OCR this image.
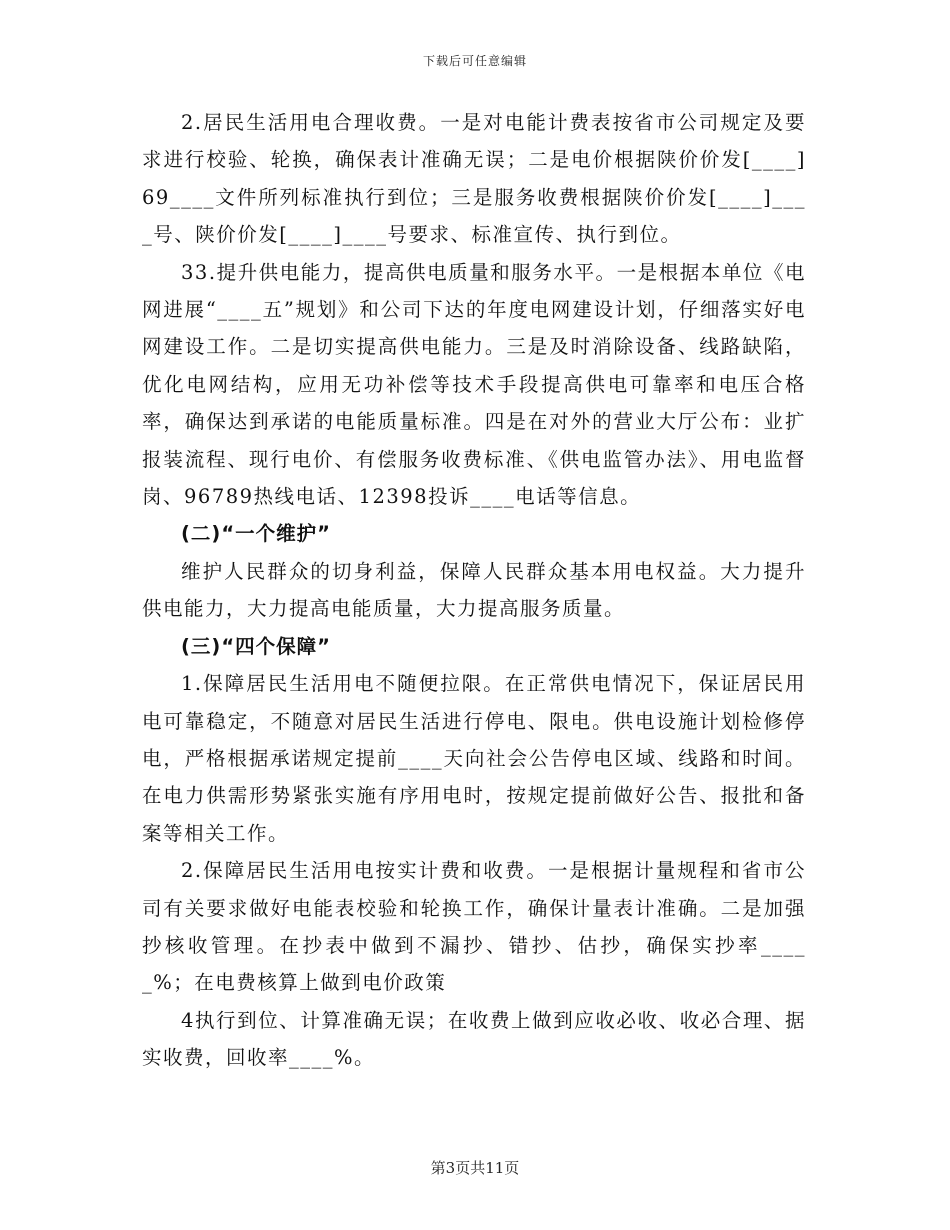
下载后可任意编辑

2.居民生活用电合理收费。一是对电能计费表按省市公司规定及要求进行校验、轮换，确保表计准确无误；二是电价根据陕价价发[____]69____文件所列标准执行到位；三是服务收费根据陕价价发[____]____号、陕价价发[____]____号要求、标准宣传、执行到位。

33.提升供电能力，提高供电质量和服务水平。一是根据本单位《电网进展“____五”规划》和公司下达的年度电网建设计划，仔细落实好电网建设工作。二是切实提高供电能力。三是及时消除设备、线路缺陷，优化电网结构，应用无功补偿等技术手段提高供电可靠率和电压合格率，确保达到承诺的电能质量标准。四是在对外的营业大厅公布：业扩报装流程、现行电价、有偿服务收费标准、《供电监管办法》、用电监督岗、96789热线电话、12398投诉____电话等信息。

(二)“一个维护”

维护人民群众的切身利益，保障人民群众基本用电权益。大力提升供电能力，大力提高电能质量，大力提高服务质量。

(三)“四个保障”

1.保障居民生活用电不随便拉限。在正常供电情况下，保证居民用电可靠稳定，不随意对居民生活进行停电、限电。供电设施计划检修停电，严格根据承诺规定提前____天向社会公告停电区域、线路和时间。在电力供需形势紧张实施有序用电时，按规定提前做好公告、报批和备案等相关工作。

2.保障居民生活用电按实计费和收费。一是根据计量规程和省市公司有关要求做好电能表校验和轮换工作，确保计量表计准确。二是加强抄核收管理。在抄表中做到不漏抄、错抄、估抄，确保实抄率_____%；在电费核算上做到电价政策

4执行到位、计算准确无误；在收费上做到应收必收、收必合理、据实收费，回收率____%。

第3页共11页
